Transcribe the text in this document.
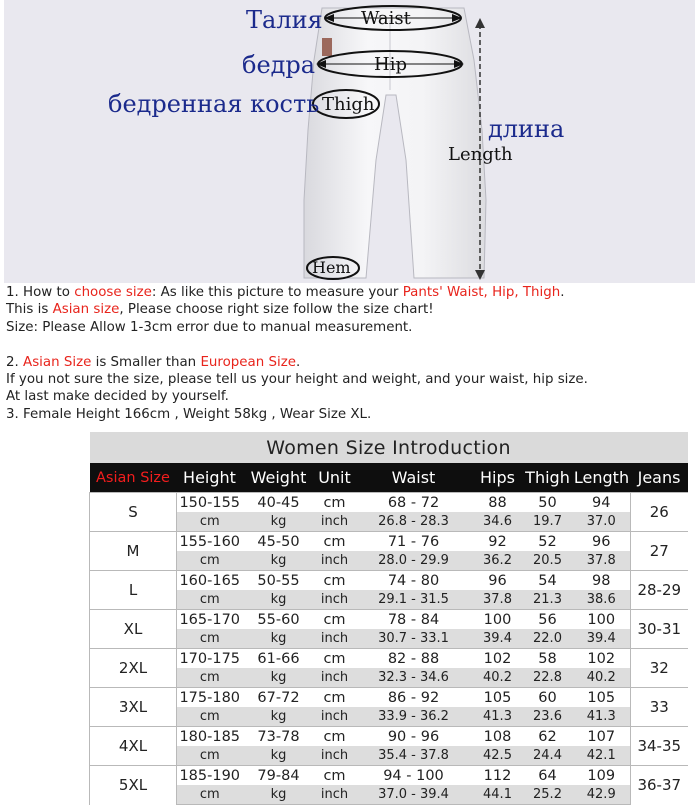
Талия
бедра
бедренная кость
длина
Waist
Hip
Thigh
Length
Hem
1. How to choose size: As like this picture to measure your Pants' Waist, Hip, Thigh.
This is Asian size, Please choose right size follow the size chart!
Size: Please Allow 1-3cm error due to manual measurement.
2. Asian Size is Smaller than European Size.
If you not sure the size, please tell us your height and weight, and your waist, hip size.
At last make decided by yourself.
3. Female Height 166cm , Weight 58kg , Wear Size XL.
Women Size Introduction								
Asian Size	Height	Weight	Unit	Waist	Hips	Thigh	Length	Jeans
S	150-155	40-45	cm	68 - 72	88	50	94	26
	cm	kg	inch	26.8 - 28.3	34.6	19.7	37.0	
M	155-160	45-50	cm	71 - 76	92	52	96	27
	cm	kg	inch	28.0 - 29.9	36.2	20.5	37.8	
L	160-165	50-55	cm	74 - 80	96	54	98	28-29
	cm	kg	inch	29.1 - 31.5	37.8	21.3	38.6	
XL	165-170	55-60	cm	78 - 84	100	56	100	30-31
	cm	kg	inch	30.7 - 33.1	39.4	22.0	39.4	
2XL	170-175	61-66	cm	82 - 88	102	58	102	32
	cm	kg	inch	32.3 - 34.6	40.2	22.8	40.2	
3XL	175-180	67-72	cm	86 - 92	105	60	105	33
	cm	kg	inch	33.9 - 36.2	41.3	23.6	41.3	
4XL	180-185	73-78	cm	90 - 96	108	62	107	34-35
	cm	kg	inch	35.4 - 37.8	42.5	24.4	42.1	
5XL	185-190	79-84	cm	94 - 100	112	64	109	36-37
	cm	kg	inch	37.0 - 39.4	44.1	25.2	42.9	
